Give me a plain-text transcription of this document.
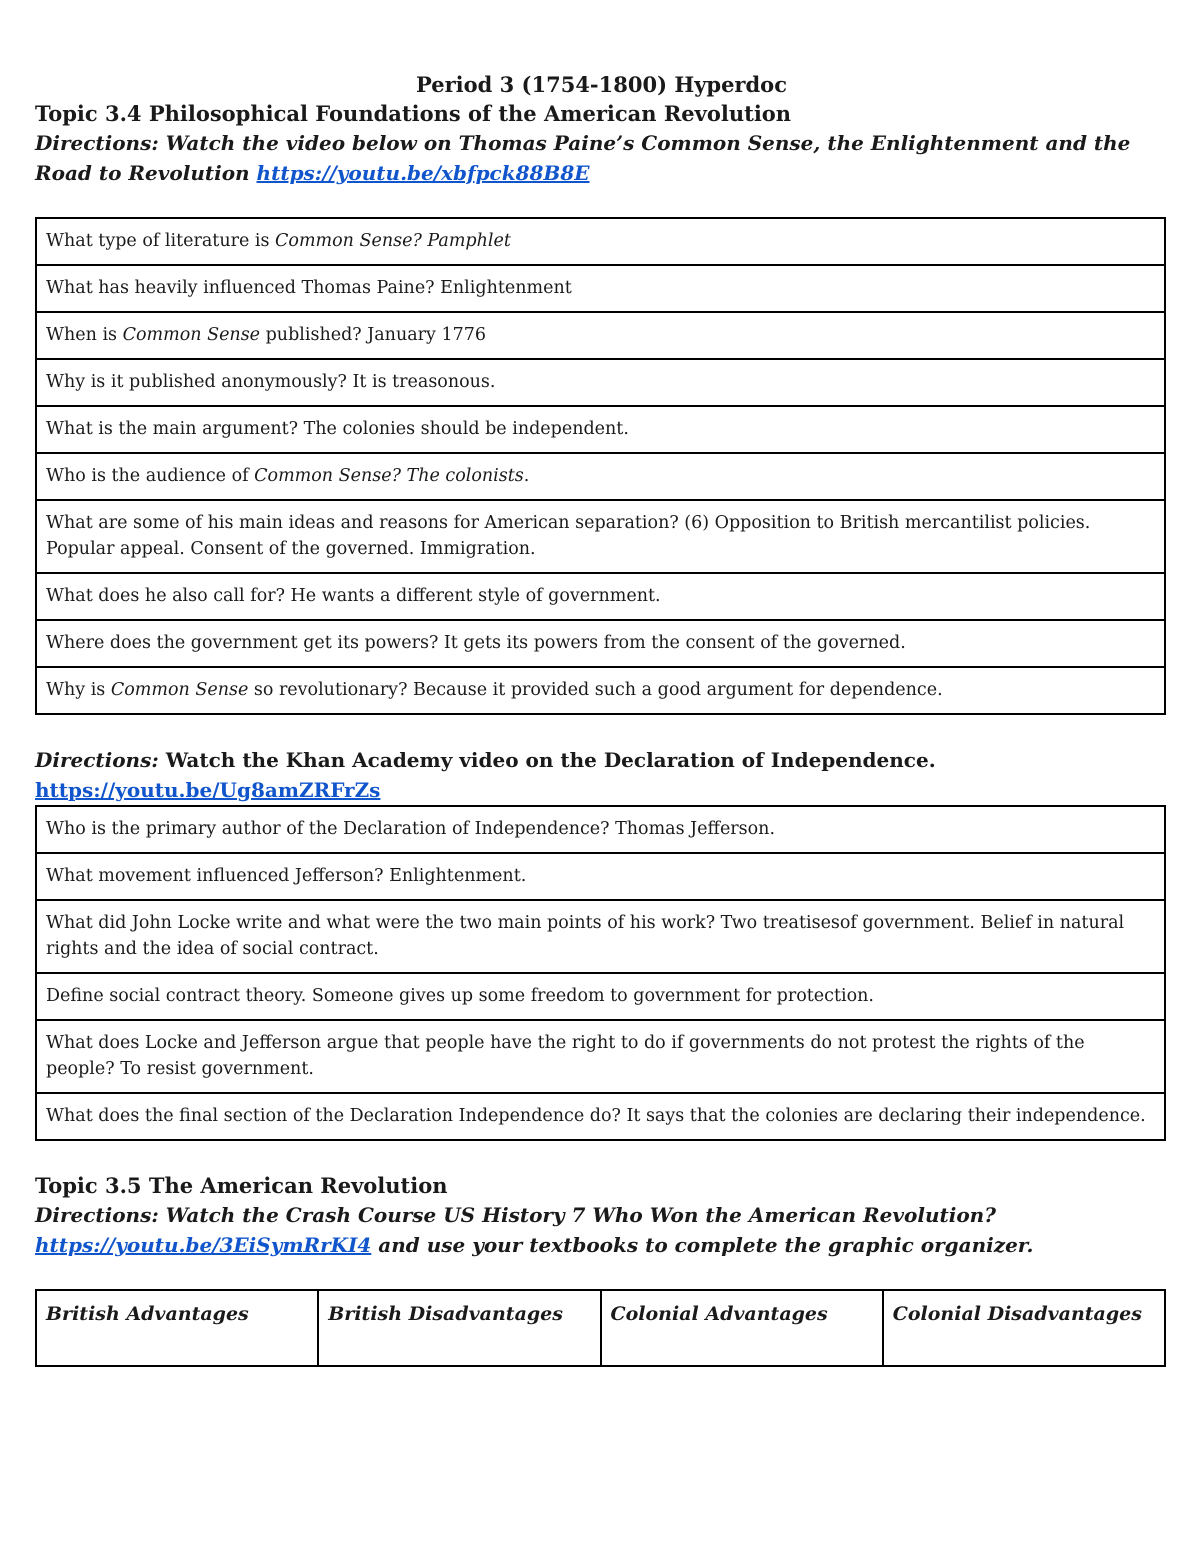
Period 3 (1754-1800) Hyperdoc
Topic 3.4 Philosophical Foundations of the American Revolution
Directions: Watch the video below on Thomas Paine’s Common Sense, the Enlightenment and the Road to Revolution https://youtu.be/xbfpck88B8E
What type of literature is Common Sense? Pamphlet
What has heavily influenced Thomas Paine? Enlightenment
When is Common Sense published? January 1776
Why is it published anonymously? It is treasonous.
What is the main argument? The colonies should be independent.
Who is the audience of Common Sense? The colonists.
What are some of his main ideas and reasons for American separation? (6) Opposition to British mercantilist policies. Popular appeal. Consent of the governed. Immigration.
What does he also call for? He wants a different style of government.
Where does the government get its powers? It gets its powers from the consent of the governed.
Why is Common Sense so revolutionary? Because it provided such a good argument for dependence.
Directions: Watch the Khan Academy video on the Declaration of Independence.
https://youtu.be/Ug8amZRFrZs
Who is the primary author of the Declaration of Independence? Thomas Jefferson.
What movement influenced Jefferson? Enlightenment.
What did John Locke write and what were the two main points of his work? Two treatisesof government. Belief in natural rights and the idea of social contract.
Define social contract theory. Someone gives up some freedom to government for protection.
What does Locke and Jefferson argue that people have the right to do if governments do not protest the rights of the people? To resist government.
What does the final section of the Declaration Independence do? It says that the colonies are declaring their independence.
Topic 3.5 The American Revolution
Directions: Watch the Crash Course US History 7 Who Won the American Revolution?
https://youtu.be/3EiSymRrKI4 and use your textbooks to complete the graphic organizer.
British Advantages	British Disadvantages	Colonial Advantages	Colonial Disadvantages
